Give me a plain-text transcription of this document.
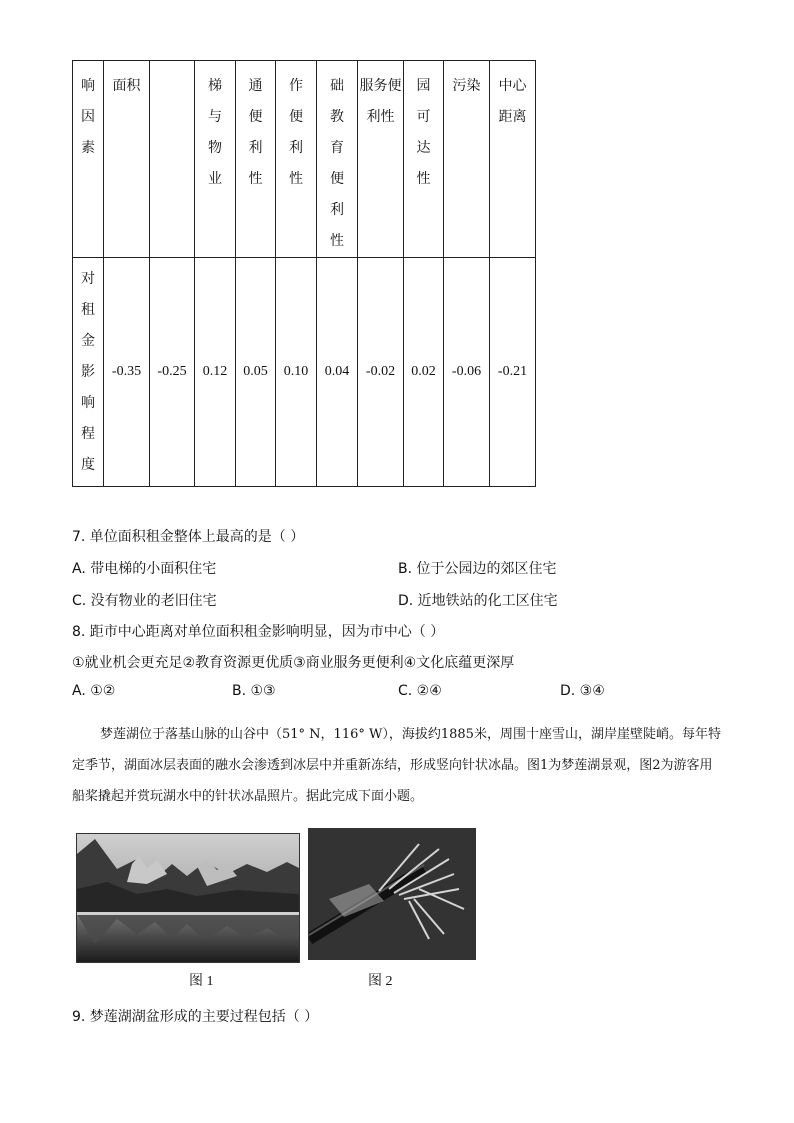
响因素	面积		梯与物业	通便利性	作便利性	础教育便利性	服务便利性	园可达性	污染	中心距离
对租金影响程度	-0.35	-0.25	0.12	0.05	0.10	0.04	-0.02	0.02	-0.06	-0.21
7. 单位面积租金整体上最高的是（ ）
A. 带电梯的小面积住宅	B. 位于公园边的郊区住宅
C. 没有物业的老旧住宅	D. 近地铁站的化工区住宅
8. 距市中心距离对单位面积租金影响明显，因为市中心（ ）
①就业机会更充足②教育资源更优质③商业服务更便利④文化底蕴更深厚
A. ①②	B. ①③	C. ②④	D. ③④
梦莲湖位于落基山脉的山谷中（51° N，116° W），海拔约1885米，周围十座雪山，湖岸崖壁陡峭。每年特定季节，湖面冰层表面的融水会渗透到冰层中并重新冻结，形成竖向针状冰晶。图1为梦莲湖景观，图2为游客用船桨撬起并赏玩湖水中的针状冰晶照片。据此完成下面小题。
图 1	图 2
9. 梦莲湖湖盆形成的主要过程包括（ ）
